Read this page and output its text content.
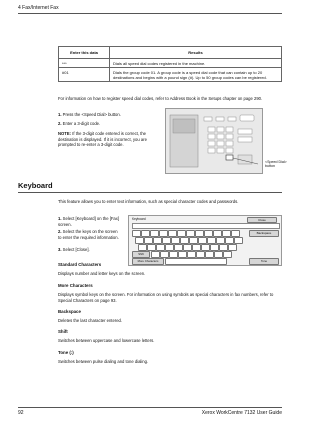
4 Fax/Internet Fax
Enter this data	Results
***	Dials all speed dial codes registered in the machine.
#01	Dials the group code 01. A group code is a speed dial code that can contain up to 20 destinations and begins with a pound sign (#). Up to 50 group codes can be registered.
For information on how to register speed dial codes, refer to Address Book in the Setups chapter on page 290.
1. Press the <Speed Dial> button.
2. Enter a 3-digit code.
NOTE: If the 3-digit code entered is correct, the destination is displayed. If it is incorrect, you are prompted to re-enter a 3-digit code.
<Speed Dial> button
Keyboard
This feature allows you to enter text information, such as special character codes and passwords.
1. Select [Keyboard] on the [Fax] screen.
2. Select the keys on the screen to enter the required information.
3. Select [Close].
Keyboard	Close
Backspace
Shift
More Characters	Tone
Standard Characters
Displays number and letter keys on the screen.
More Characters
Displays symbol keys on the screen. For information on using symbols as special characters in fax numbers, refer to Special Characters on page 93.
Backspace
Deletes the last character entered.
Shift
Switches between uppercase and lowercase letters.
Tone (:)
Switches between pulse dialing and tone dialing.
92	Xerox WorkCentre 7132 User Guide
